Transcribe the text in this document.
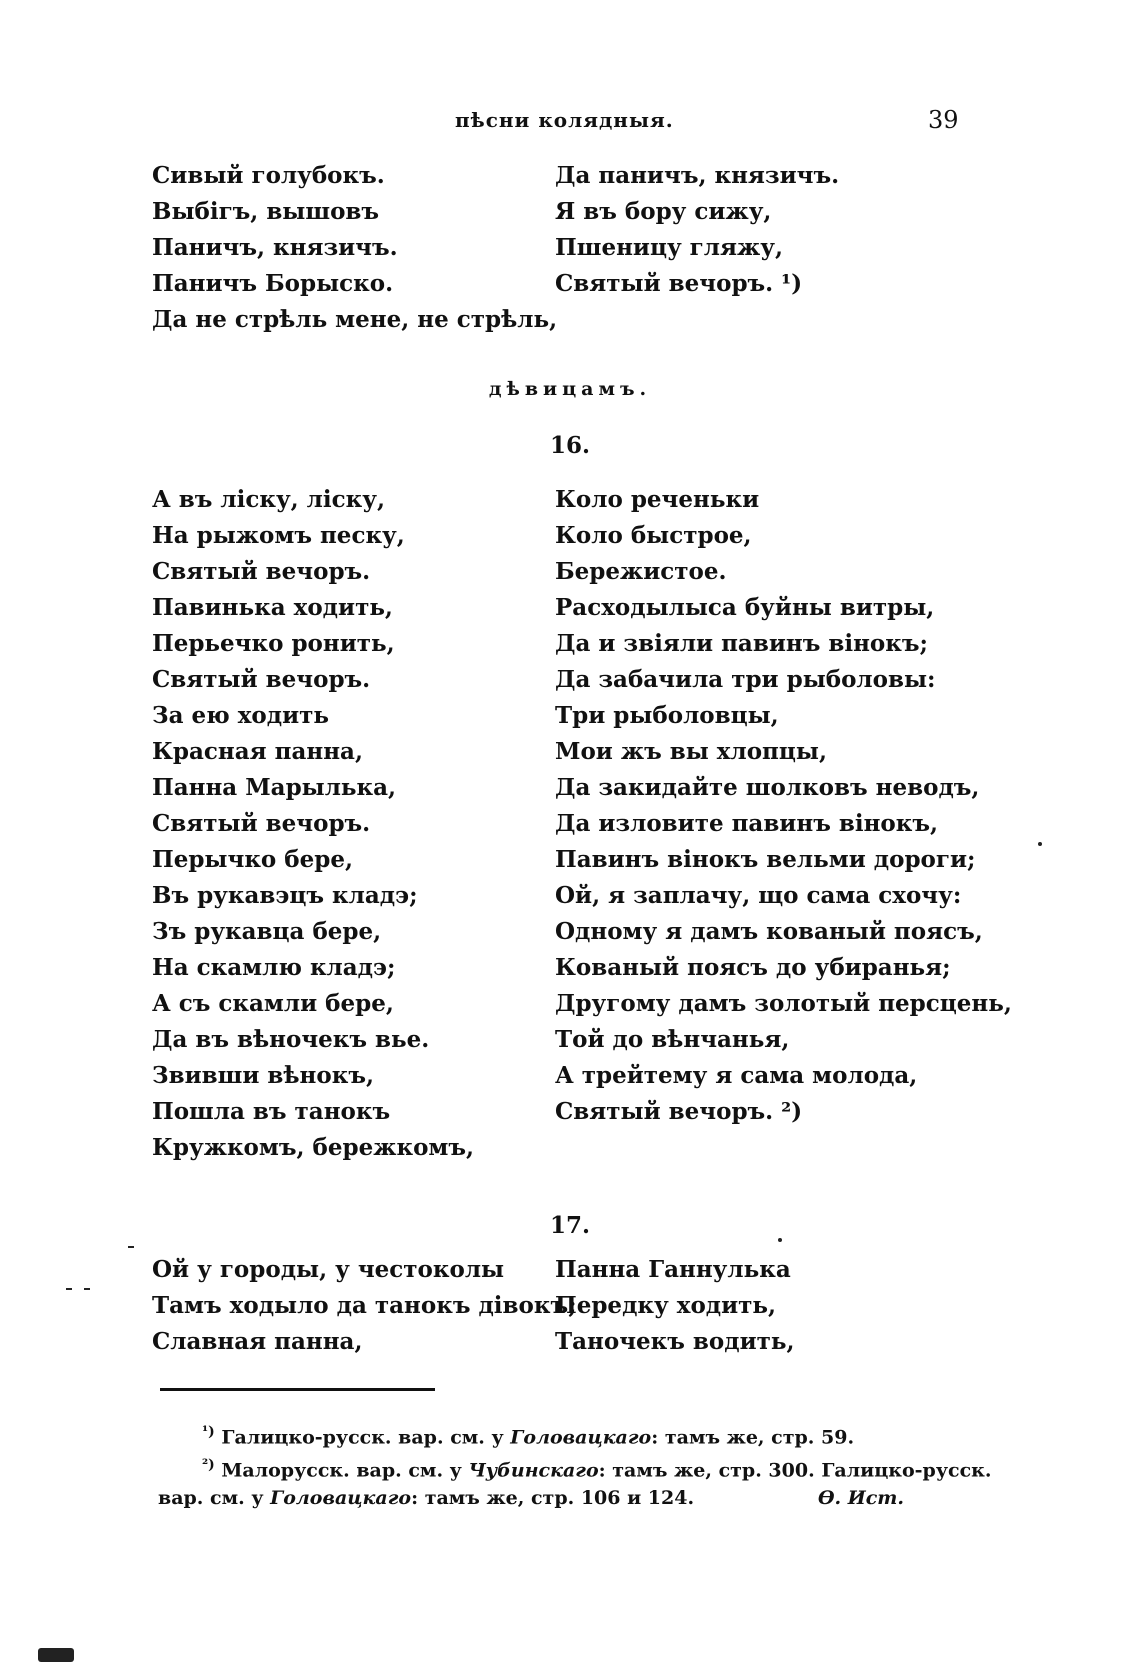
пѣсни колядныя.	39
Сивый голубокъ.
Выбігъ, вышовъ
Паничъ, князичъ.
Паничъ Борыско.
Да не стрѣль мене, не стрѣль,
Да паничъ, князичъ.
Я въ бору сижу,
Пшеницу гляжу,
Святый вечоръ. ¹)
дѣвицамъ.
16.
А въ ліску, ліску,
На рыжомъ песку,
Святый вечоръ.
Павинька ходить,
Перьечко ронить,
Святый вечоръ.
За ею ходить
Красная панна,
Панна Марылька,
Святый вечоръ.
Перычко бере,
Въ рукавэцъ кладэ;
Зъ рукавца бере,
На скамлю кладэ;
А съ скамли бере,
Да въ вѣночекъ вье.
Звивши вѣнокъ,
Пошла въ танокъ
Кружкомъ, бережкомъ,
Коло реченьки
Коло быстрое,
Бережистое.
Расходылыса буйны витры,
Да и звіяли павинъ вінокъ;
Да забачила три рыболовы:
Три рыболовцы,
Мои жъ вы хлопцы,
Да закидайте шолковъ неводъ,
Да изловите павинъ вінокъ,
Павинъ вінокъ вельми дороги;
Ой, я заплачу, що сама схочу:
Одному я дамъ кованый поясъ,
Кованый поясъ до убиранья;
Другому дамъ золотый персцень,
Той до вѣнчанья,
А трейтему я сама молода,
Святый вечоръ. ²)
17.
Ой у городы, у честоколы
Тамъ ходыло да танокъ дівокъ;
Славная панна,
Панна Ганнулька
Передку ходить,
Таночекъ водить,
$^{^1)}$ Галицко-русск. вар. см. у Головацкаго: тамъ же, стр. 59.
$^{^2)}$ Малорусск. вар. см. у Чубинскаго: тамъ же, стр. 300. Галицко-русск.
вар. см. у Головацкаго: тамъ же, стр. 106 и 124.	Ѳ. Ист.
